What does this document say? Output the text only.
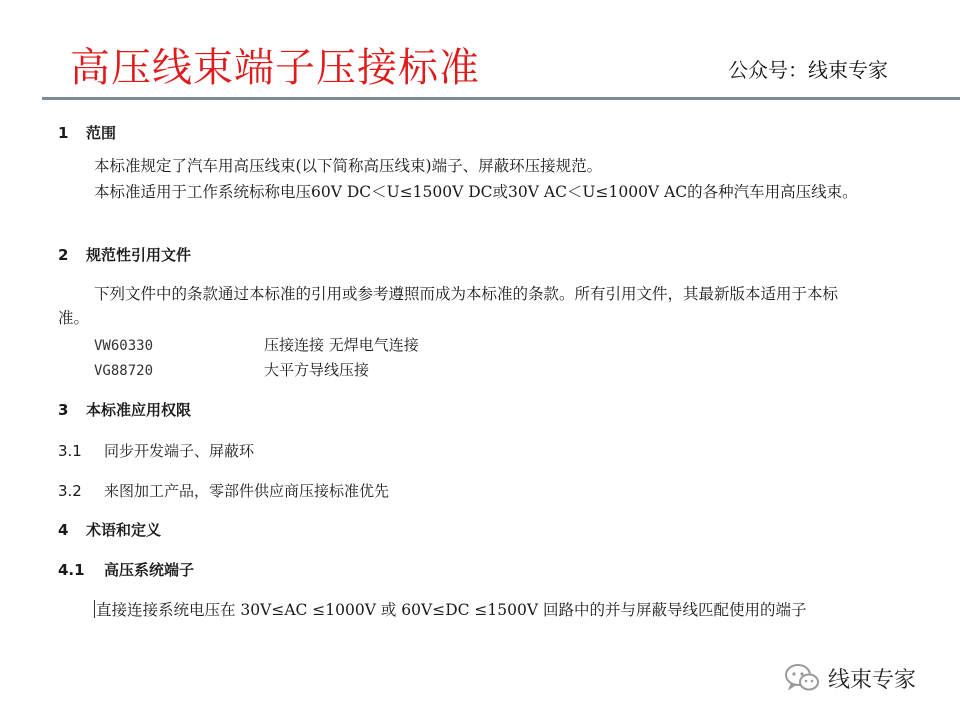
高压线束端子压接标准	公众号：线束专家
1 范围
本标准规定了汽车用高压线束(以下简称高压线束)端子、屏蔽环压接规范。
本标准适用于工作系统标称电压60V DC＜U≤1500V DC或30V AC＜U≤1000V AC的各种汽车用高压线束。
2 规范性引用文件
下列文件中的条款通过本标准的引用或参考遵照而成为本标准的条款。所有引用文件，其最新版本适用于本标准。
VW60330	压接连接 无焊电气连接
VG88720	大平方导线压接
3 本标准应用权限
3.1 同步开发端子、屏蔽环
3.2 来图加工产品，零部件供应商压接标准优先
4 术语和定义
4.1 高压系统端子
直接连接系统电压在 30V≤AC ≤1000V 或 60V≤DC ≤1500V 回路中的并与屏蔽导线匹配使用的端子
线束专家
